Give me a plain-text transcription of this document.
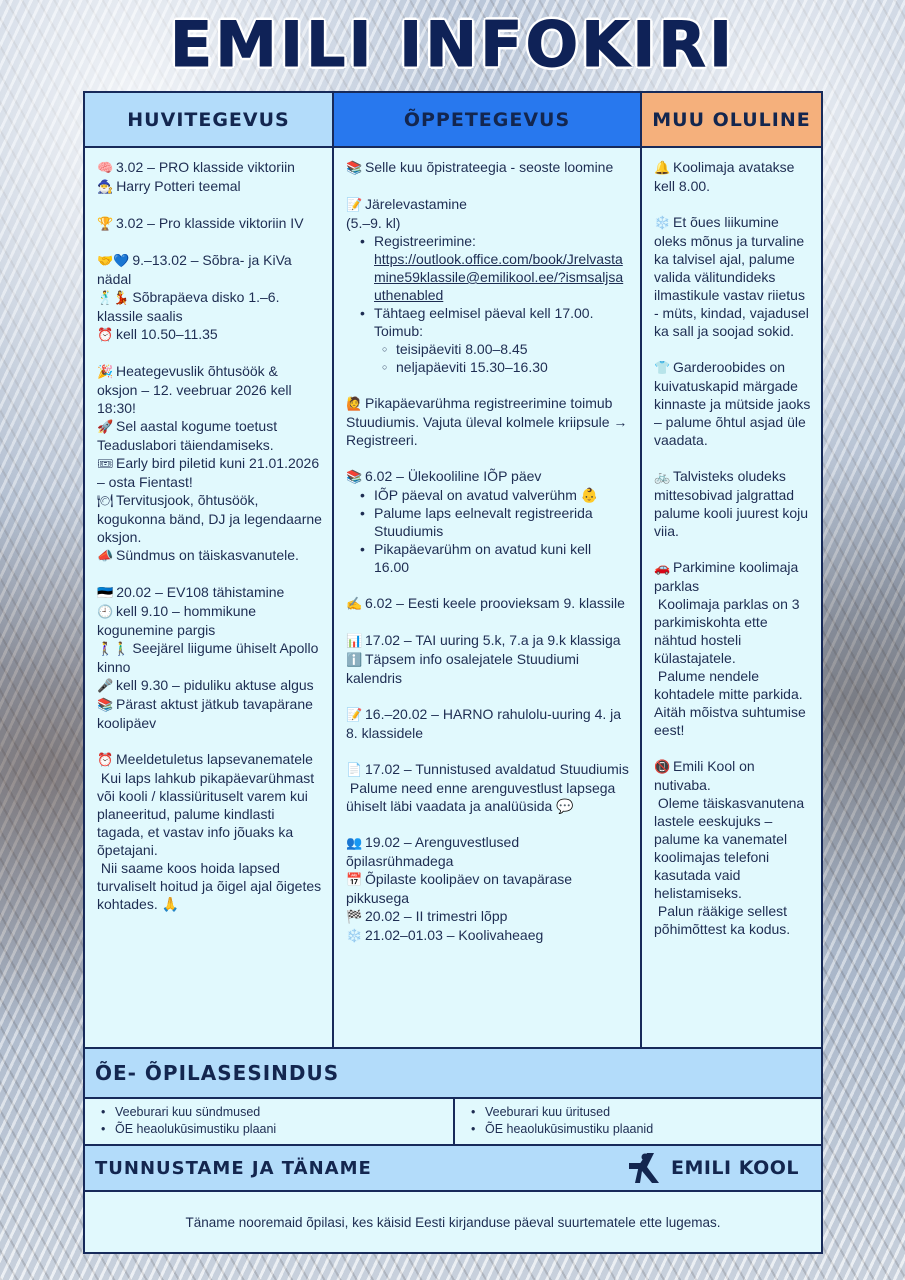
EMILI INFOKIRI
HUVITEGEVUS
🧠 3.02 – PRO klasside viktoriin
🧙‍♂️ Harry Potteri teemal
🏆 3.02 – Pro klasside viktoriin IV
🤝💙 9.–13.02 – Sõbra- ja KiVa nädal
🕺💃 Sõbrapäeva disko 1.–6. klassile saalis
⏰ kell 10.50–11.35
🎉 Heategevuslik õhtusöök & oksjon – 12. veebruar 2026 kell 18:30!
🚀 Sel aastal kogume toetust Teaduslabori täiendamiseks.
🎟 Early bird piletid kuni 21.01.2026 – osta Fientast!
🍽 Tervitusjook, õhtusöök, kogukonna bänd, DJ ja legendaarne oksjon.
📣 Sündmus on täiskasvanutele.
🇪🇪 20.02 – EV108 tähistamine
🕘 kell 9.10 – hommikune kogunemine pargis
🚶‍♀️🚶‍♂️ Seejärel liigume ühiselt Apollo kinno
🎤 kell 9.30 – piduliku aktuse algus
📚 Pärast aktust jätkub tavapärane koolipäev
⏰ Meeldetuletus lapsevanematele
Kui laps lahkub pikapäevarühmast või kooli / klassiürituselt varem kui planeeritud, palume kindlasti tagada, et vastav info jõuaks ka õpetajani.
Nii saame koos hoida lapsed turvaliselt hoitud ja õigel ajal õigetes kohtades. 🙏
ÕPPETEGEVUS
📚 Selle kuu õpistrateegia - seoste loomine
📝 Järelevastamine
(5.–9. kl)
• Registreerimine:
https://outlook.office.com/book/Jrelvastamine59klassile@emilikool.ee/?ismsaljsauthenabled
• Tähtaeg eelmisel päeval kell 17.00. Toimub:
○ teisipäeviti 8.00–8.45
○ neljapäeviti 15.30–16.30
🙋 Pikapäevarühma registreerimine toimub Stuudiumis. Vajuta üleval kolmele kriipsule → Registreeri.
📚 6.02 – Ülekooliline IÕP päev
• IÕP päeval on avatud valverühm 👶
• Palume laps eelnevalt registreerida Stuudiumis
• Pikapäevarühm on avatud kuni kell 16.00
✍️ 6.02 – Eesti keele proovieksam 9. klassile
📊 17.02 – TAI uuring 5.k, 7.a ja 9.k klassiga
ℹ️ Täpsem info osalejatele Stuudiumi kalendris
📝 16.–20.02 – HARNO rahulolu-uuring 4. ja 8. klassidele
📄 17.02 – Tunnistused avaldatud Stuudiumis
Palume need enne arenguvestlust lapsega ühiselt läbi vaadata ja analüüsida 💬
👥 19.02 – Arenguvestlused õpilasrühmadega
📅 Õpilaste koolipäev on tavapärase pikkusega
🏁 20.02 – II trimestri lõpp
❄️ 21.02–01.03 – Koolivaheaeg
MUU OLULINE
🔔 Koolimaja avatakse kell 8.00.
❄️ Et õues liikumine oleks mõnus ja turvaline ka talvisel ajal, palume valida välitundideks ilmastikule vastav riietus - müts, kindad, vajadusel ka sall ja soojad sokid.
👕 Garderoobides on kuivatuskapid märgade kinnaste ja mütside jaoks – palume õhtul asjad üle vaadata.
🚲 Talvisteks oludeks mittesobivad jalgrattad palume kooli juurest koju viia.
🚗 Parkimine koolimaja parklas
Koolimaja parklas on 3 parkimiskohta ette nähtud hosteli külastajatele.
Palume nendele kohtadele mitte parkida. Aitäh mõistva suhtumise eest!
📵 Emili Kool on nutivaba.
Oleme täiskasvanutena lastele eeskujuks – palume ka vanematel koolimajas telefoni kasutada vaid helistamiseks.
Palun rääkige sellest põhimõttest ka kodus.
ÕE- ÕPILASESINDUS
• Veeburari kuu sündmused
• ÕE heaolukūsimustiku plaani
• Veeburari kuu üritused
• ÕE heaolukūsimustiku plaanid
TUNNUSTAME JA TÄNAME	EMILI KOOL
Täname nooremaid õpilasi, kes käisid Eesti kirjanduse päeval suurtematele ette lugemas.
